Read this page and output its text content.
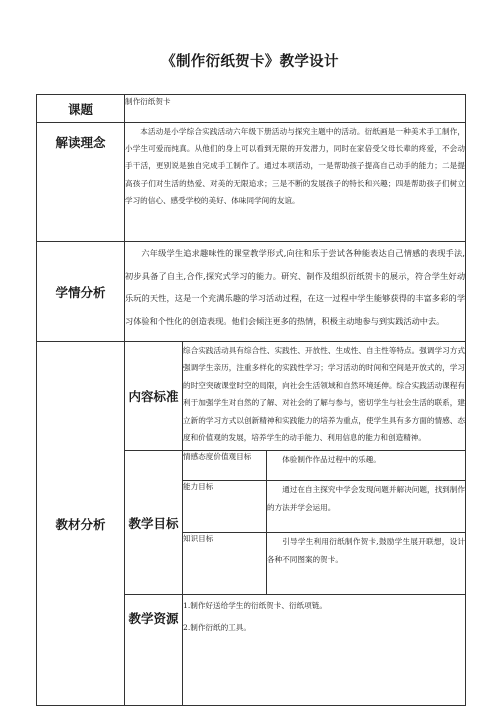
《制作衍纸贺卡》教学设计
课题	制作衍纸贺卡		
解读理念	本活动是小学综合实践活动六年级下册活动与探究主题中的活动。衍纸画是一种美术手工制作，小学生可爱而纯真。从他们的身上可以看到无限的开发潜力，同时在家倍受父母长辈的疼爱，不会动手干活，更别说是独自完成手工制作了。通过本项活动，一是帮助孩子提高自己动手的能力；二是提高孩子们对生活的热爱、对美的无限追求；三是不断的发展孩子的特长和兴趣；四是帮助孩子们树立学习的信心、感受学校的美好、体味同学间的友谊。		

学情分析	六年级学生追求趣味性的课堂教学形式,向往和乐于尝试各种能表达自己情感的表现手法,初步具备了自主,合作,探究式学习的能力。研究、制作及组织衍纸贺卡的展示，符合学生好动乐玩的天性，这是一个充满乐趣的学习活动过程，在这一过程中学生能够获得的丰富多彩的学习体验和个性化的创造表现。他们会倾注更多的热情，积极主动地参与到实践活动中去。		

教材分析	内容标准	综合实践活动具有综合性、实践性、开放性、生成性、自主性等特点。强调学习方式强调学生亲历，注重多样化的实践性学习；学习活动的时间和空间是开放式的，学习的时空突破课堂时空的局限，向社会生活领域和自然环境延伸。综合实践活动课程有利于加强学生对自然的了解、对社会的了解与参与，密切学生与社会生活的联系，建立新的学习方式以创新精神和实践能力的培养为重点，使学生具有多方面的情感、态度和价值观的发展，培养学生的动手能力、利用信息的能力和创造精神。	
	教学目标	情感态度价值观目标	体验制作作品过程中的乐趣。

		能力目标	通过在自主探究中学会发现问题并解决问题，找到制作的方法并学会运用。

		知识目标	引导学生利用衍纸制作贺卡,鼓励学生展开联想，设计各种不同图案的贺卡。

	教学资源	1.制作好送给学生的衍纸贺卡、衍纸项链。
2.制作衍纸的工具。	
